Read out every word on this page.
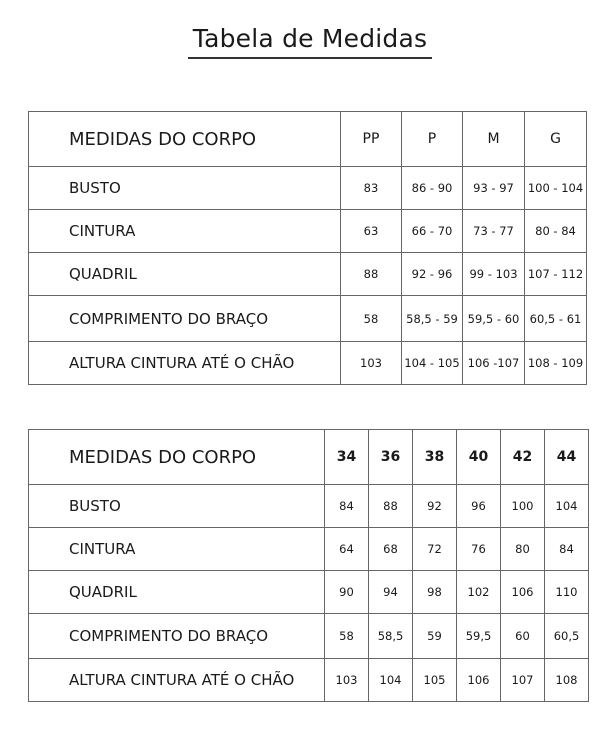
Tabela de Medidas
MEDIDAS DO CORPO	PP	P	M	G
BUSTO	83	86 - 90	93 - 97	100 - 104
CINTURA	63	66 - 70	73 - 77	80 - 84
QUADRIL	88	92 - 96	99 - 103	107 - 112
COMPRIMENTO DO BRAÇO	58	58,5 - 59	59,5 - 60	60,5 - 61
ALTURA CINTURA ATÉ O CHÃO	103	104 - 105	106 -107	108 - 109
MEDIDAS DO CORPO	34	36	38	40	42	44
BUSTO	84	88	92	96	100	104
CINTURA	64	68	72	76	80	84
QUADRIL	90	94	98	102	106	110
COMPRIMENTO DO BRAÇO	58	58,5	59	59,5	60	60,5
ALTURA CINTURA ATÉ O CHÃO	103	104	105	106	107	108
